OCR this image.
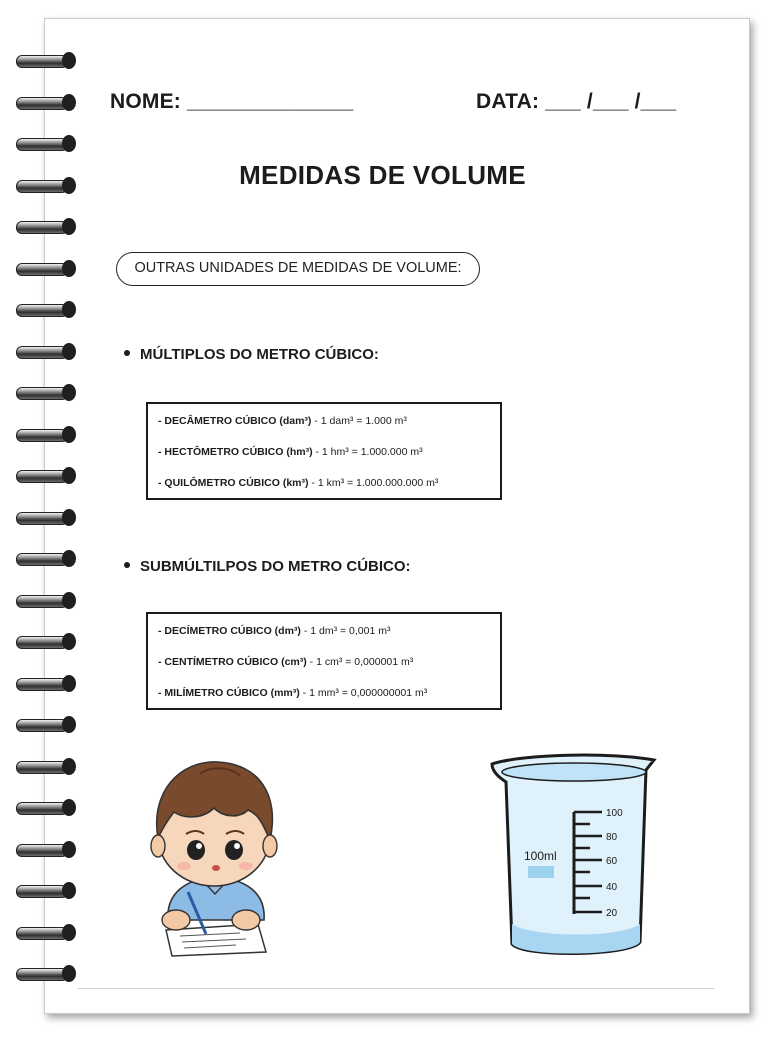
NOME: ______________	DATA: ___ /___ /___
MEDIDAS DE VOLUME
OUTRAS UNIDADES DE MEDIDAS DE VOLUME:
MÚLTIPLOS DO METRO CÚBICO:
- DECÂMETRO CÚBICO (dam³) - 1 dam³ = 1.000 m³
- HECTÔMETRO CÚBICO (hm³) - 1 hm³ = 1.000.000 m³
- QUILÔMETRO CÚBICO (km³) - 1 km³ = 1.000.000.000 m³
SUBMÚLTILPOS DO METRO CÚBICO:
- DECÍMETRO CÚBICO (dm³) - 1 dm³ = 0,001 m³
- CENTÍMETRO CÚBICO (cm³) - 1 cm³ = 0,000001 m³
- MILÍMETRO CÚBICO (mm³) - 1 mm³ = 0,000000001 m³
100
80
60
40
20
100ml
